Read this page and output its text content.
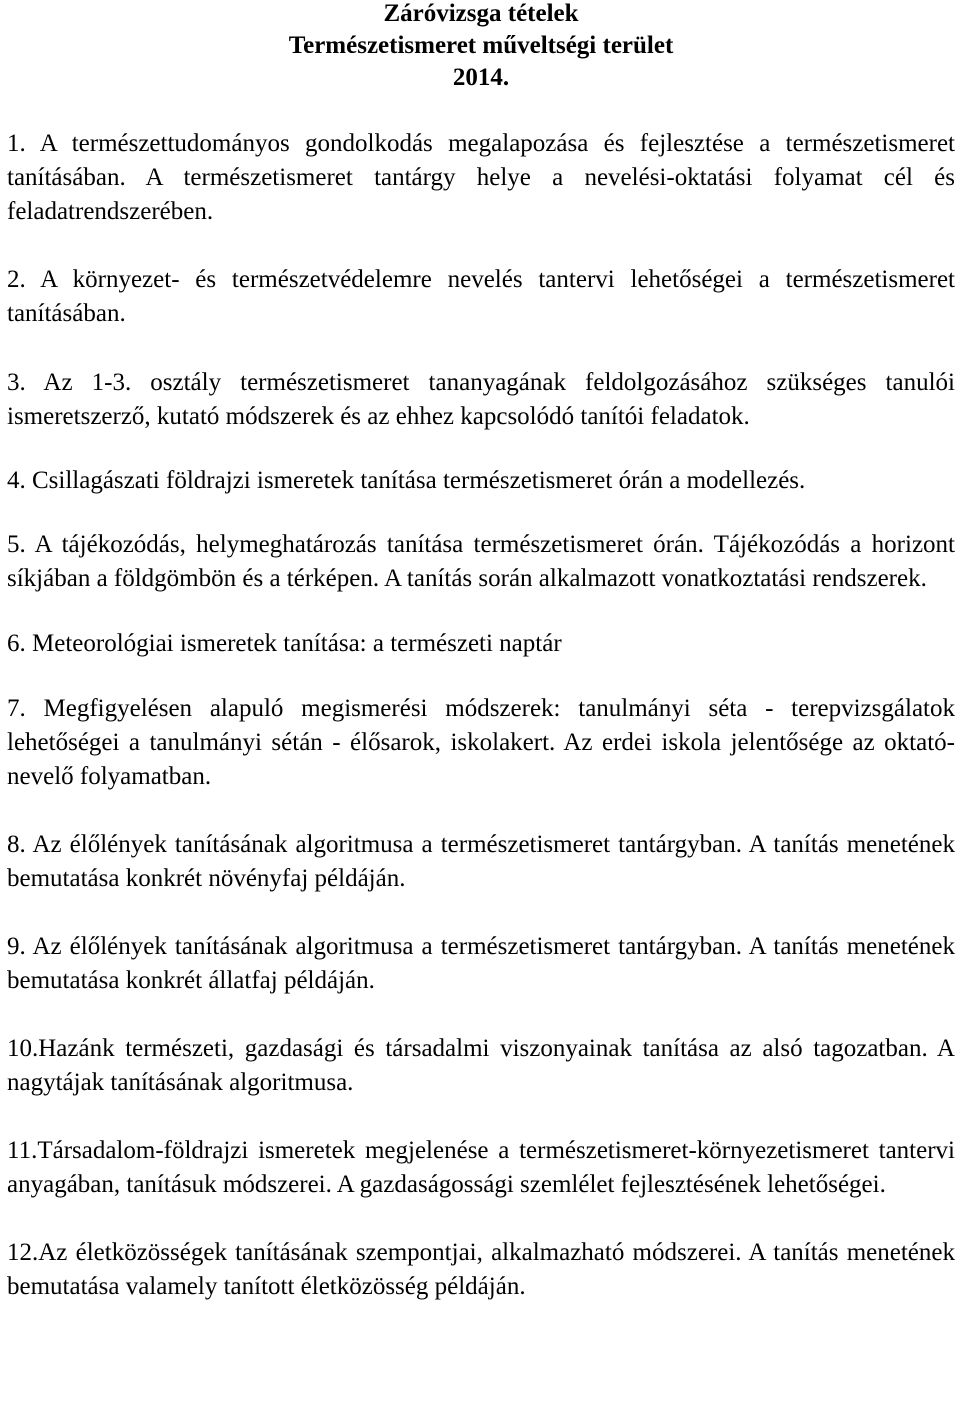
Záróvizsga tételek
Természetismeret műveltségi terület
2014.

1. A természettudományos gondolkodás megalapozása és fejlesztése a természetismeret tanításában. A természetismeret tantárgy helye a nevelési-oktatási folyamat cél és feladatrendszerében.

2. A környezet- és természetvédelemre nevelés tantervi lehetőségei a természetismeret tanításában.

3. Az 1-3. osztály természetismeret tananyagának feldolgozásához szükséges tanulói ismeretszerző, kutató módszerek és az ehhez kapcsolódó tanítói feladatok.

4. Csillagászati földrajzi ismeretek tanítása természetismeret órán a modellezés.

5. A tájékozódás, helymeghatározás tanítása természetismeret órán. Tájékozódás a horizont síkjában a földgömbön és a térképen. A tanítás során alkalmazott vonatkoztatási rendszerek.

6. Meteorológiai ismeretek tanítása: a természeti naptár

7. Megfigyelésen alapuló megismerési módszerek: tanulmányi séta - terepvizsgálatok lehetőségei a tanulmányi sétán - élősarok, iskolakert. Az erdei iskola jelentősége az oktató-nevelő folyamatban.

8. Az élőlények tanításának algoritmusa a természetismeret tantárgyban. A tanítás menetének bemutatása konkrét növényfaj példáján.

9. Az élőlények tanításának algoritmusa a természetismeret tantárgyban. A tanítás menetének bemutatása konkrét állatfaj példáján.

10.Hazánk természeti, gazdasági és társadalmi viszonyainak tanítása az alsó tagozatban. A nagytájak tanításának algoritmusa.

11.Társadalom-földrajzi ismeretek megjelenése a természetismeret-környezetismeret tantervi anyagában, tanításuk módszerei. A gazdaságossági szemlélet fejlesztésének lehetőségei.

12.Az életközösségek tanításának szempontjai, alkalmazható módszerei. A tanítás menetének bemutatása valamely tanított életközösség példáján.
